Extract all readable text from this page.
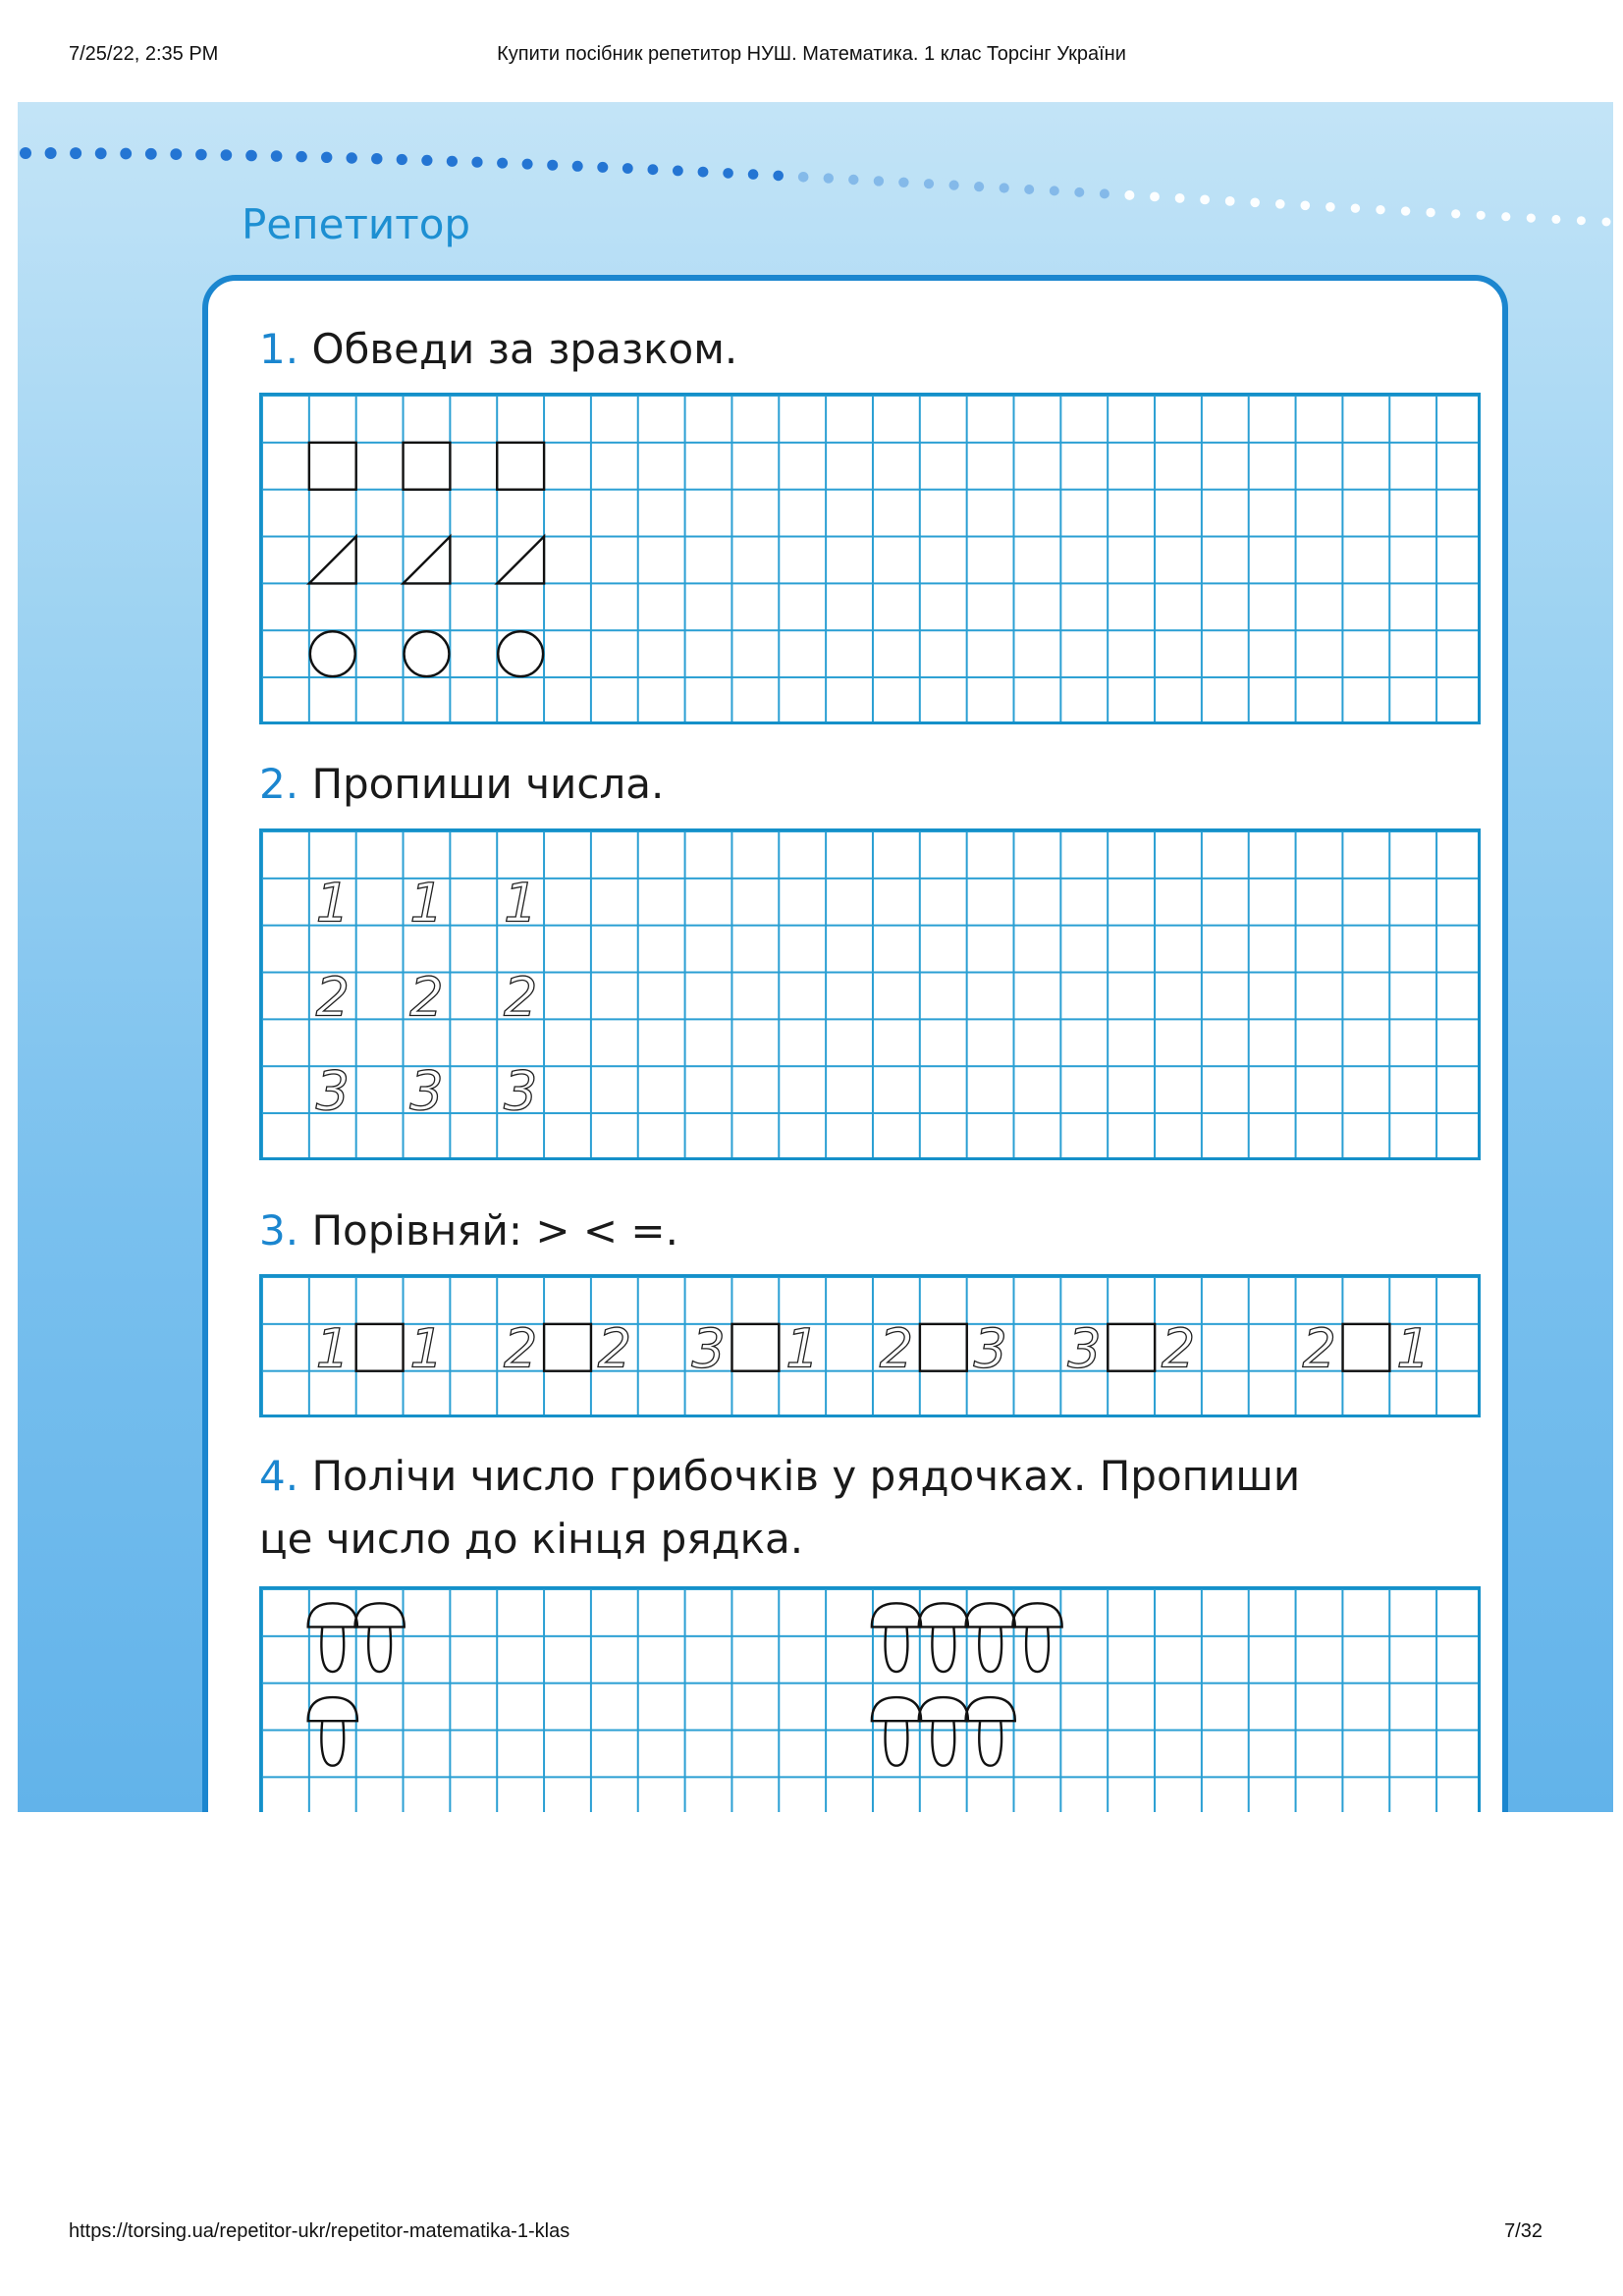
7/25/22, 2:35 PM	Купити посібник репетитор НУШ. Математика. 1 клас Торсінг України
Репетитор
1. Обведи за зразком.
2. Пропиши числа.
1 1 1
2 2 2
3 3 3
3. Порівняй: > < =.
1 1 2 2 3 1 2 3 3 2 2 1
4. Полічи число грибочків у рядочках. Пропиши
це число до кінця рядка.
https://torsing.ua/repetitor-ukr/repetitor-matematika-1-klas	7/32
